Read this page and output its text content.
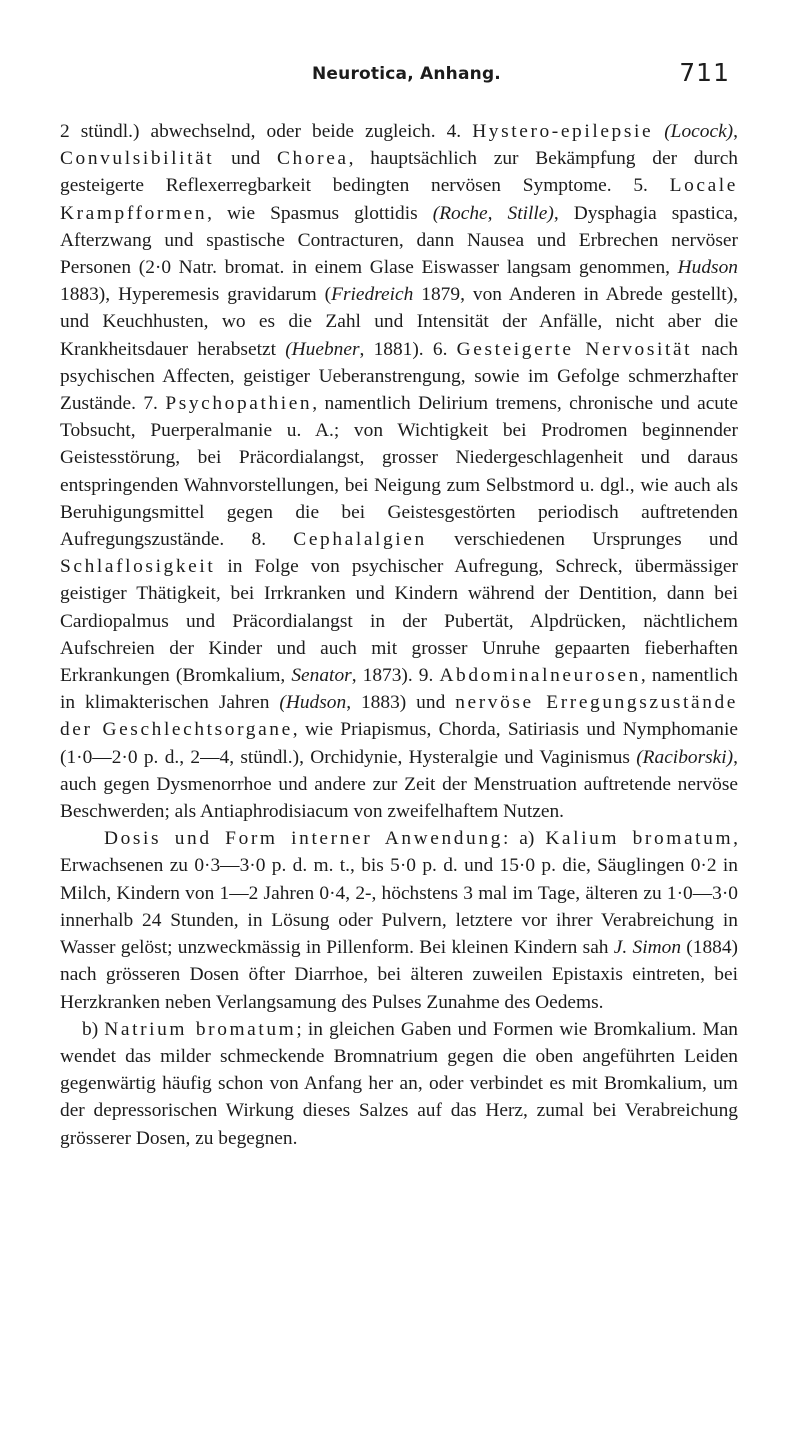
Neurotica, Anhang.	711

2 stündl.) abwechselnd, oder beide zugleich. 4. Hystero-epilepsie (Locock), Convulsibilität und Chorea, hauptsächlich zur Bekämpfung der durch gesteigerte Reflexerregbarkeit bedingten nervösen Symptome. 5. Locale Krampfformen, wie Spasmus glottidis (Roche, Stille), Dysphagia spastica, Afterzwang und spastische Contracturen, dann Nausea und Erbrechen nervöser Personen (2·0 Natr. bromat. in einem Glase Eiswasser langsam genommen, Hudson 1883), Hyperemesis gravidarum (Friedreich 1879, von Anderen in Abrede gestellt), und Keuchhusten, wo es die Zahl und Intensität der Anfälle, nicht aber die Krankheitsdauer herabsetzt (Huebner, 1881). 6. Gesteigerte Nervosität nach psychischen Affecten, geistiger Ueberanstrengung, sowie im Gefolge schmerzhafter Zustände. 7. Psychopathien, namentlich Delirium tremens, chronische und acute Tobsucht, Puerperalmanie u. A.; von Wichtigkeit bei Prodromen beginnender Geistesstörung, bei Präcordialangst, grosser Niedergeschlagenheit und daraus entspringenden Wahnvorstellungen, bei Neigung zum Selbstmord u. dgl., wie auch als Beruhigungsmittel gegen die bei Geistesgestörten periodisch auftretenden Aufregungszustände. 8. Cephalalgien verschiedenen Ursprunges und Schlaflosigkeit in Folge von psychischer Aufregung, Schreck, übermässiger geistiger Thätigkeit, bei Irrkranken und Kindern während der Dentition, dann bei Cardiopalmus und Präcordialangst in der Pubertät, Alpdrücken, nächtlichem Aufschreien der Kinder und auch mit grosser Unruhe gepaarten fieberhaften Erkrankungen (Bromkalium, Senator, 1873). 9. Abdominalneurosen, namentlich in klimakterischen Jahren (Hudson, 1883) und nervöse Erregungszustände der Geschlechtsorgane, wie Priapismus, Chorda, Satiriasis und Nymphomanie (1·0—2·0 p. d., 2—4, stündl.), Orchidynie, Hysteralgie und Vaginismus (Raciborski), auch gegen Dysmenorrhoe und andere zur Zeit der Menstruation auftretende nervöse Beschwerden; als Antiaphrodisiacum von zweifelhaftem Nutzen.

Dosis und Form interner Anwendung: a) Kalium bromatum, Erwachsenen zu 0·3—3·0 p. d. m. t., bis 5·0 p. d. und 15·0 p. die, Säuglingen 0·2 in Milch, Kindern von 1—2 Jahren 0·4, 2-, höchstens 3 mal im Tage, älteren zu 1·0—3·0 innerhalb 24 Stunden, in Lösung oder Pulvern, letztere vor ihrer Verabreichung in Wasser gelöst; unzweckmässig in Pillenform. Bei kleinen Kindern sah J. Simon (1884) nach grösseren Dosen öfter Diarrhoe, bei älteren zuweilen Epistaxis eintreten, bei Herzkranken neben Verlangsamung des Pulses Zunahme des Oedems.

b) Natrium bromatum; in gleichen Gaben und Formen wie Bromkalium. Man wendet das milder schmeckende Bromnatrium gegen die oben angeführten Leiden gegenwärtig häufig schon von Anfang her an, oder verbindet es mit Bromkalium, um der depressorischen Wirkung dieses Salzes auf das Herz, zumal bei Verabreichung grösserer Dosen, zu begegnen.
